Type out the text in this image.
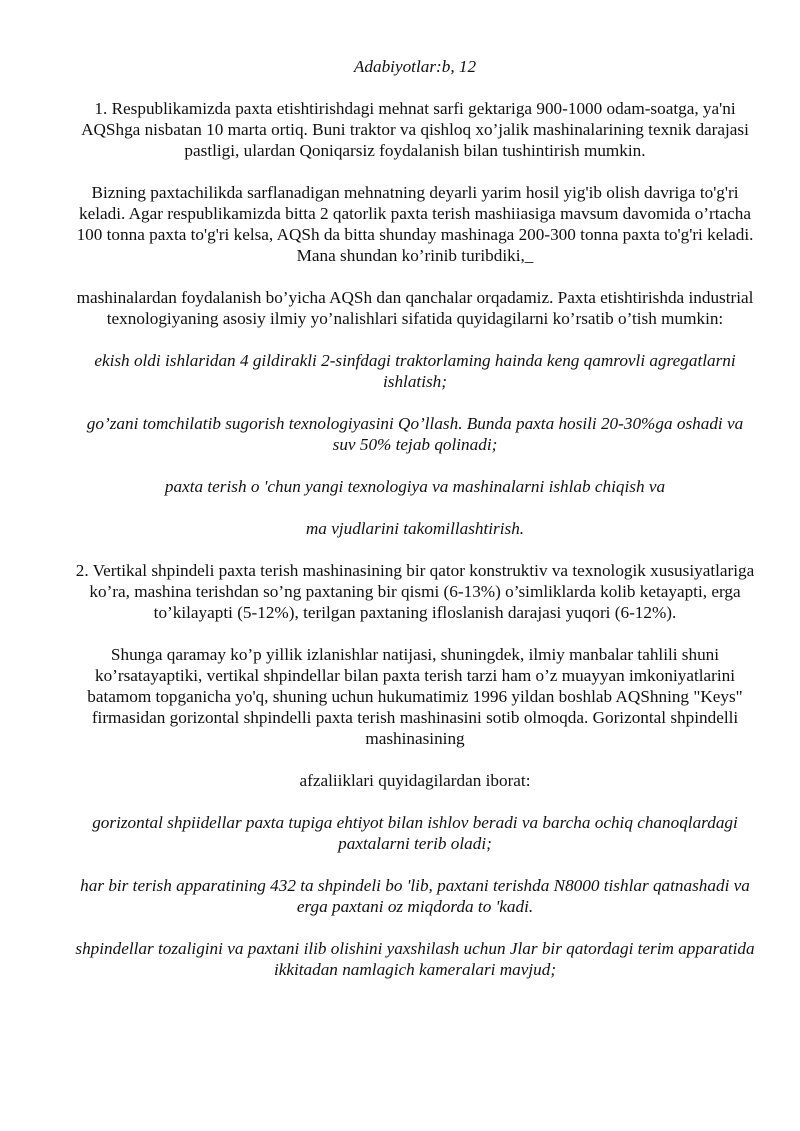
Adabiyotlar:b, 12

1. Respublikamizda paxta etishtirishdagi mehnat sarfi gektariga 900-1000 odam-soatga, ya'ni AQShga nisbatan 10 marta ortiq. Buni traktor va qishloq xo’jalik mashinalarining texnik darajasi pastligi, ulardan Qoniqarsiz foydalanish bilan tushintirish mumkin.

Bizning paxtachilikda sarflanadigan mehnatning deyarli yarim hosil yig'ib olish davriga to'g'ri keladi. Agar respublikamizda bitta 2 qatorlik paxta terish mashiiasiga mavsum davomida o’rtacha 100 tonna paxta to'g'ri kelsa, AQSh da bitta shunday mashinaga 200-300 tonna paxta to'g'ri keladi. Mana shundan ko’rinib turibdiki,_

mashinalardan foydalanish bo’yicha AQSh dan qanchalar orqadamiz. Paxta etishtirishda industrial texnologiyaning asosiy ilmiy yo’nalishlari sifatida quyidagilarni ko’rsatib o’tish mumkin:

ekish oldi ishlaridan 4 gildirakli 2-sinfdagi traktorlaming hainda keng qamrovli agregatlarni ishlatish;

go’zani tomchilatib sugorish texnologiyasini Qo’llash. Bunda paxta hosili 20-30%ga oshadi va suv 50% tejab qolinadi;

paxta terish o 'chun yangi texnologiya va mashinalarni ishlab chiqish va

ma vjudlarini takomillashtirish.

2. Vertikal shpindeli paxta terish mashinasining bir qator konstruktiv va texnologik xususiyatlariga ko’ra, mashina terishdan so’ng paxtaning bir qismi (6-13%) o’simliklarda kolib ketayapti, erga to’kilayapti (5-12%), terilgan paxtaning ifloslanish darajasi yuqori (6-12%).

Shunga qaramay ko’p yillik izlanishlar natijasi, shuningdek, ilmiy manbalar tahlili shuni ko’rsatayaptiki, vertikal shpindellar bilan paxta terish tarzi ham o’z muayyan imkoniyatlarini batamom topganicha yo'q, shuning uchun hukumatimiz 1996 yildan boshlab AQShning "Keys" firmasidan gorizontal shpindelli paxta terish mashinasini sotib olmoqda. Gorizontal shpindelli mashinasining

afzaliiklari quyidagilardan iborat:

gorizontal shpiidellar paxta tupiga ehtiyot bilan ishlov beradi va barcha ochiq chanoqlardagi paxtalarni terib oladi;

har bir terish apparatining 432 ta shpindeli bo 'lib, paxtani terishda N8000 tishlar qatnashadi va erga paxtani oz miqdorda to 'kadi.

shpindellar tozaligini va paxtani ilib olishini yaxshilash uchun Jlar bir qatordagi terim apparatida ikkitadan namlagich kameralari mavjud;
